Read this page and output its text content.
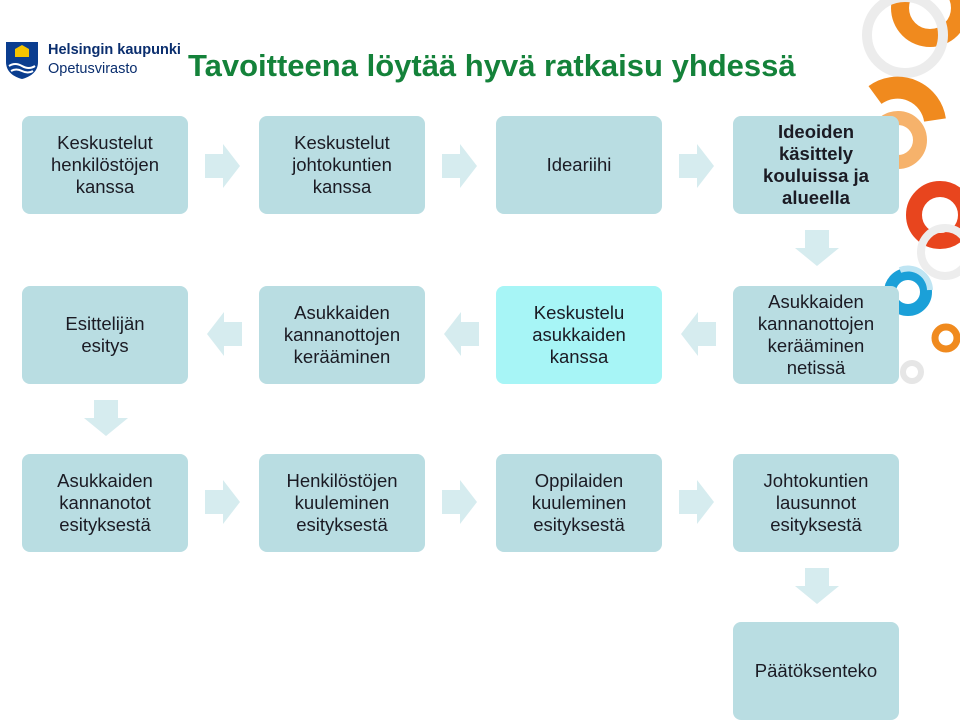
Helsingin kaupunki
Opetusvirasto Tavoitteena löytää hyvä ratkaisu yhdessä
Keskustelut
henkilöstöjen
kanssa
Keskustelut
johtokuntien
kanssa
Ideariihi
Ideoiden
käsittely
kouluissa ja
alueella
Esittelijän
esitys
Asukkaiden
kannanottojen
kerääminen
Keskustelu
asukkaiden
kanssa
Asukkaiden
kannanottojen
kerääminen
netissä
Asukkaiden
kannanotot
esityksestä
Henkilöstöjen
kuuleminen
esityksestä
Oppilaiden
kuuleminen
esityksestä
Johtokuntien
lausunnot
esityksestä
Päätöksenteko
